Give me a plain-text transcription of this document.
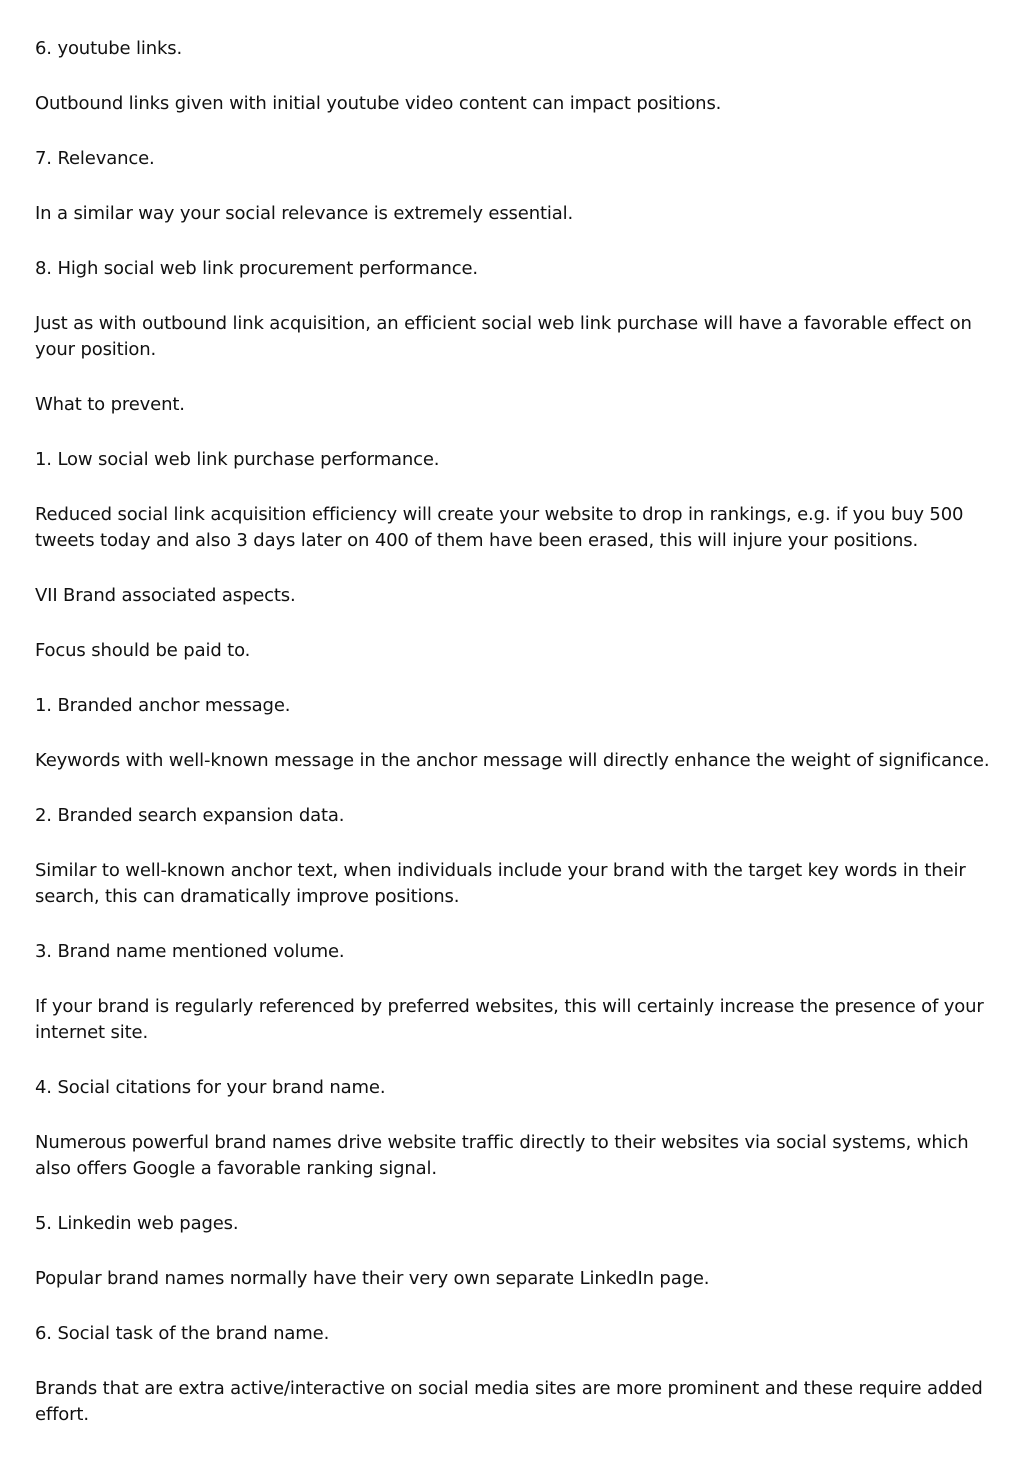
6. youtube links.

Outbound links given with initial youtube video content can impact positions.

7. Relevance.

In a similar way your social relevance is extremely essential.

8. High social web link procurement performance.

Just as with outbound link acquisition, an efficient social web link purchase will have a favorable effect on your position.

What to prevent.

1. Low social web link purchase performance.

Reduced social link acquisition efficiency will create your website to drop in rankings, e.g. if you buy 500 tweets today and also 3 days later on 400 of them have been erased, this will injure your positions.

VII Brand associated aspects.

Focus should be paid to.

1. Branded anchor message.

Keywords with well-known message in the anchor message will directly enhance the weight of significance.

2. Branded search expansion data.

Similar to well-known anchor text, when individuals include your brand with the target key words in their search, this can dramatically improve positions.

3. Brand name mentioned volume.

If your brand is regularly referenced by preferred websites, this will certainly increase the presence of your internet site.

4. Social citations for your brand name.

Numerous powerful brand names drive website traffic directly to their websites via social systems, which also offers Google a favorable ranking signal.

5. Linkedin web pages.

Popular brand names normally have their very own separate LinkedIn page.

6. Social task of the brand name.

Brands that are extra active/interactive on social media sites are more prominent and these require added effort.
